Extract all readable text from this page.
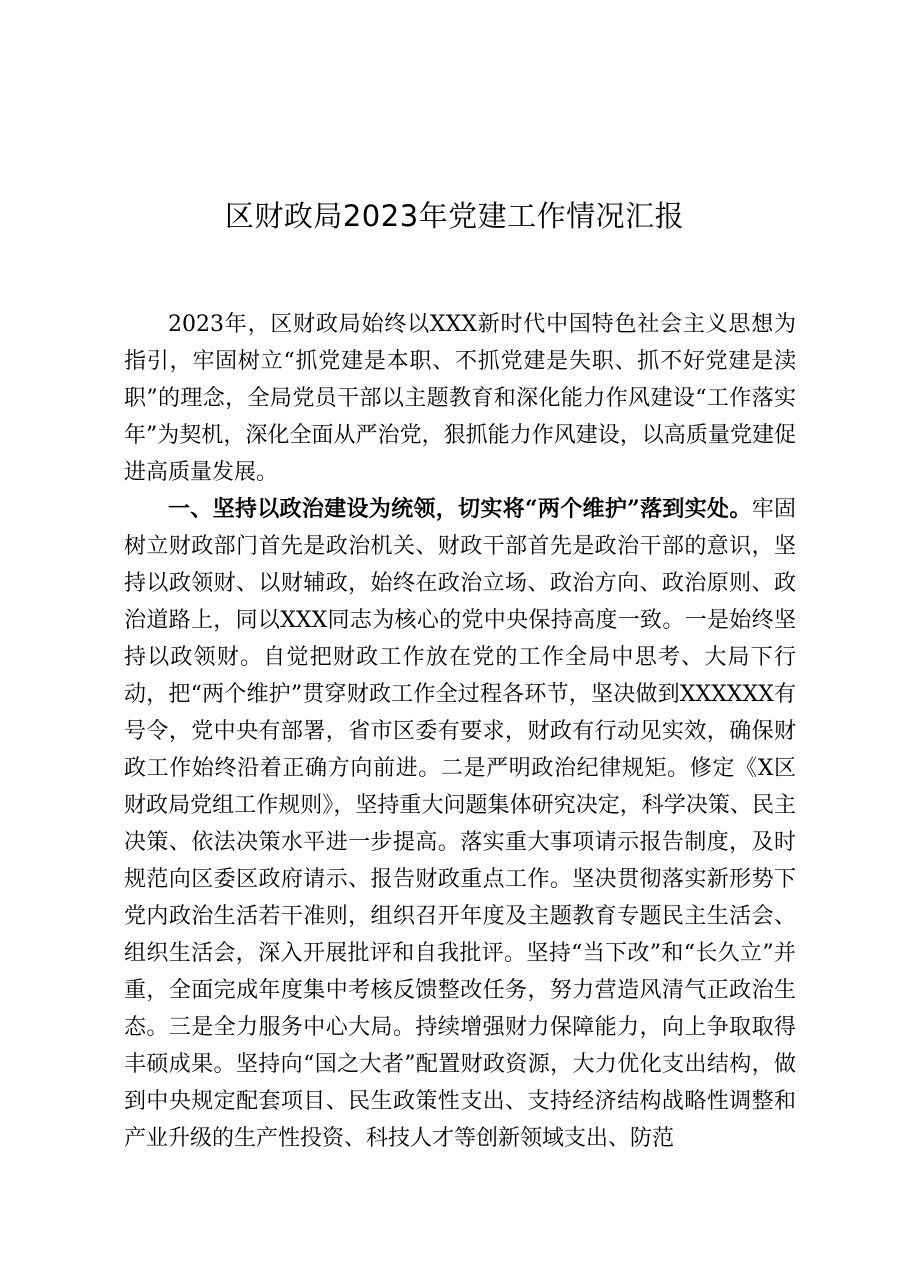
区财政局2023年党建工作情况汇报

2023年，区财政局始终以XXX新时代中国特色社会主义思想为指引，牢固树立“抓党建是本职、不抓党建是失职、抓不好党建是渎职”的理念，全局党员干部以主题教育和深化能力作风建设“工作落实年”为契机，深化全面从严治党，狠抓能力作风建设，以高质量党建促进高质量发展。

一、坚持以政治建设为统领，切实将“两个维护”落到实处。牢固树立财政部门首先是政治机关、财政干部首先是政治干部的意识，坚持以政领财、以财辅政，始终在政治立场、政治方向、政治原则、政治道路上，同以XXX同志为核心的党中央保持高度一致。一是始终坚持以政领财。自觉把财政工作放在党的工作全局中思考、大局下行动，把“两个维护”贯穿财政工作全过程各环节，坚决做到XXXXXX有号令，党中央有部署，省市区委有要求，财政有行动见实效，确保财政工作始终沿着正确方向前进。二是严明政治纪律规矩。修定《X区财政局党组工作规则》，坚持重大问题集体研究决定，科学决策、民主决策、依法决策水平进一步提高。落实重大事项请示报告制度，及时规范向区委区政府请示、报告财政重点工作。坚决贯彻落实新形势下党内政治生活若干准则，组织召开年度及主题教育专题民主生活会、组织生活会，深入开展批评和自我批评。坚持“当下改”和“长久立”并重，全面完成年度集中考核反馈整改任务，努力营造风清气正政治生态。三是全力服务中心大局。持续增强财力保障能力，向上争取取得丰硕成果。坚持向“国之大者”配置财政资源，大力优化支出结构，做到中央规定配套项目、民生政策性支出、支持经济结构战略性调整和产业升级的生产性投资、科技人才等创新领域支出、防范
